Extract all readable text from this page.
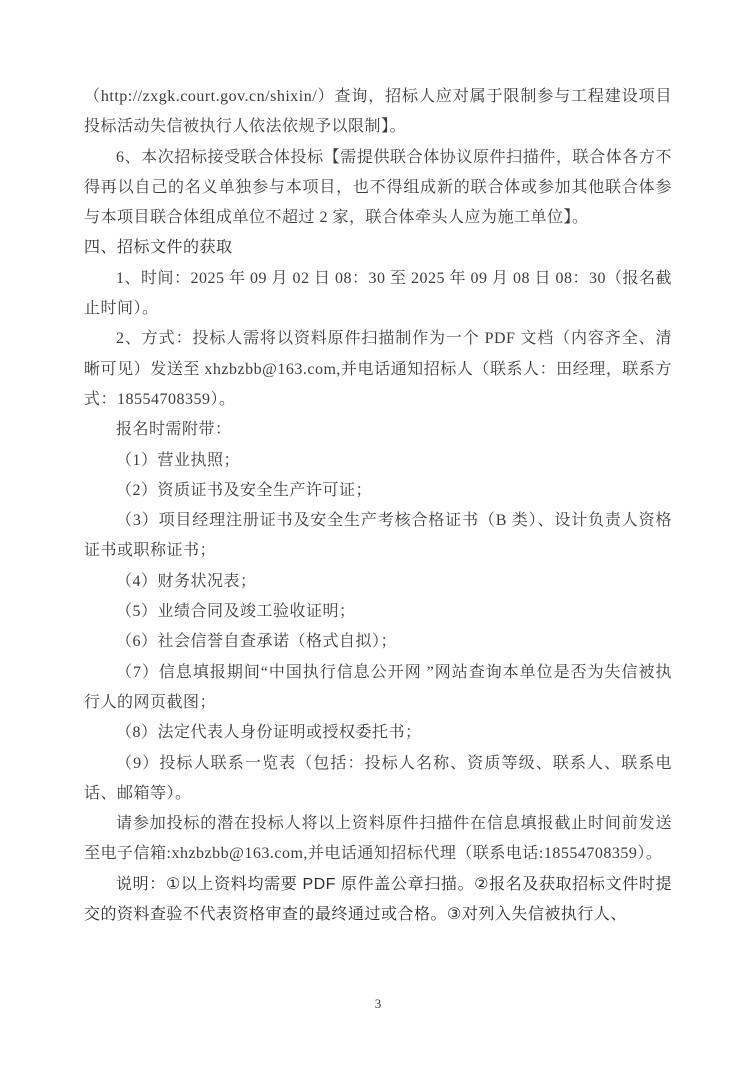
（http://zxgk.court.gov.cn/shixin/）查询，招标人应对属于限制参与工程建设项目投标活动失信被执行人依法依规予以限制】。

6、本次招标接受联合体投标【需提供联合体协议原件扫描件，联合体各方不得再以自己的名义单独参与本项目，也不得组成新的联合体或参加其他联合体参与本项目联合体组成单位不超过 2 家，联合体牵头人应为施工单位】。

四、招标文件的获取

1、时间：2025 年 09 月 02 日 08：30 至 2025 年 09 月 08 日 08：30（报名截止时间）。

2、方式：投标人需将以资料原件扫描制作为一个 PDF 文档（内容齐全、清晰可见）发送至 xhzbzbb@163.com,并电话通知招标人（联系人：田经理，联系方式：18554708359）。

报名时需附带：

（1）营业执照；

（2）资质证书及安全生产许可证；

（3）项目经理注册证书及安全生产考核合格证书（B 类）、设计负责人资格证书或职称证书；

（4）财务状况表；

（5）业绩合同及竣工验收证明；

（6）社会信誉自查承诺（格式自拟）；

（7）信息填报期间“中国执行信息公开网 ”网站查询本单位是否为失信被执行人的网页截图；

（8）法定代表人身份证明或授权委托书；

（9）投标人联系一览表（包括：投标人名称、资质等级、联系人、联系电话、邮箱等）。

请参加投标的潜在投标人将以上资料原件扫描件在信息填报截止时间前发送至电子信箱:xhzbzbb@163.com,并电话通知招标代理（联系电话:18554708359）。

说明：①以上资料均需要 PDF 原件盖公章扫描。②报名及获取招标文件时提交的资料查验不代表资格审查的最终通过或合格。③对列入失信被执行人、

3
